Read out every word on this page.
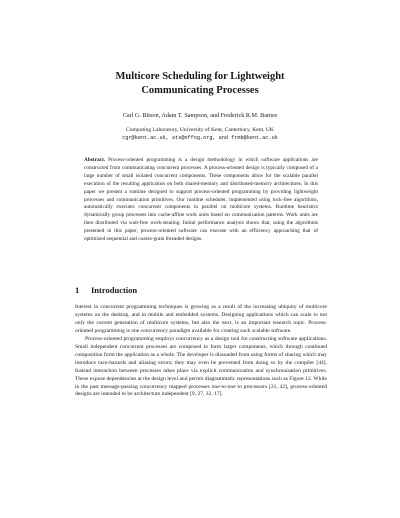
Multicore Scheduling for Lightweight
Communicating Processes
Carl G. Ritson, Adam T. Sampson, and Frederick R.M. Barnes
Computing Laboratory, University of Kent, Canterbury, Kent, UK
cgr@kent.ac.uk, ats@offog.org, and frmb@kent.ac.uk
Abstract. Process-oriented programming is a design methodology in which software applications are constructed from communicating concurrent processes. A process-oriented design is typically composed of a large number of small isolated concurrent components. These components allow for the scalable parallel execution of the resulting application on both shared-memory and distributed-memory architectures. In this paper we present a runtime designed to support process-oriented programming by providing lightweight processes and communication primitives. Our runtime scheduler, implemented using lock-free algorithms, automatically executes concurrent components in parallel on multicore systems. Runtime heuristics dynamically group processes into cache-affine work units based on communication patterns. Work units are then distributed via wait-free work-stealing. Initial performance analysis shows that, using the algorithms presented in this paper, process-oriented software can execute with an efficiency approaching that of optimized sequential and coarse-grain threaded designs.
1 Introduction

Interest in concurrent programming techniques is growing as a result of the increasing ubiquity of multicore systems on the desktop, and in mobile and embedded systems. Designing applications which can scale to not only the current generation of multicore systems, but also the next, is an important research topic. Process-oriented programming is one concurrency paradigm available for creating such scalable software.

Process-oriented programming employs concurrency as a design tool for constructing software applications. Small independent concurrent processes are composed to form larger components, which through continued composition form the application as a whole. The developer is dissuaded from using forms of sharing which may introduce race-hazards and aliasing errors; they may even be prevented from doing so by the compiler [44]. Instead interaction between processes takes place via explicit communication and synchronisation primitives. These expose dependencies at the design level and permit diagrammatic representations such as Figure 12. While in the past message-passing concurrency mapped processes one-to-one to processors [21, 42], process-oriented designs are intended to be architecture independent [9, 27, 32, 17].
